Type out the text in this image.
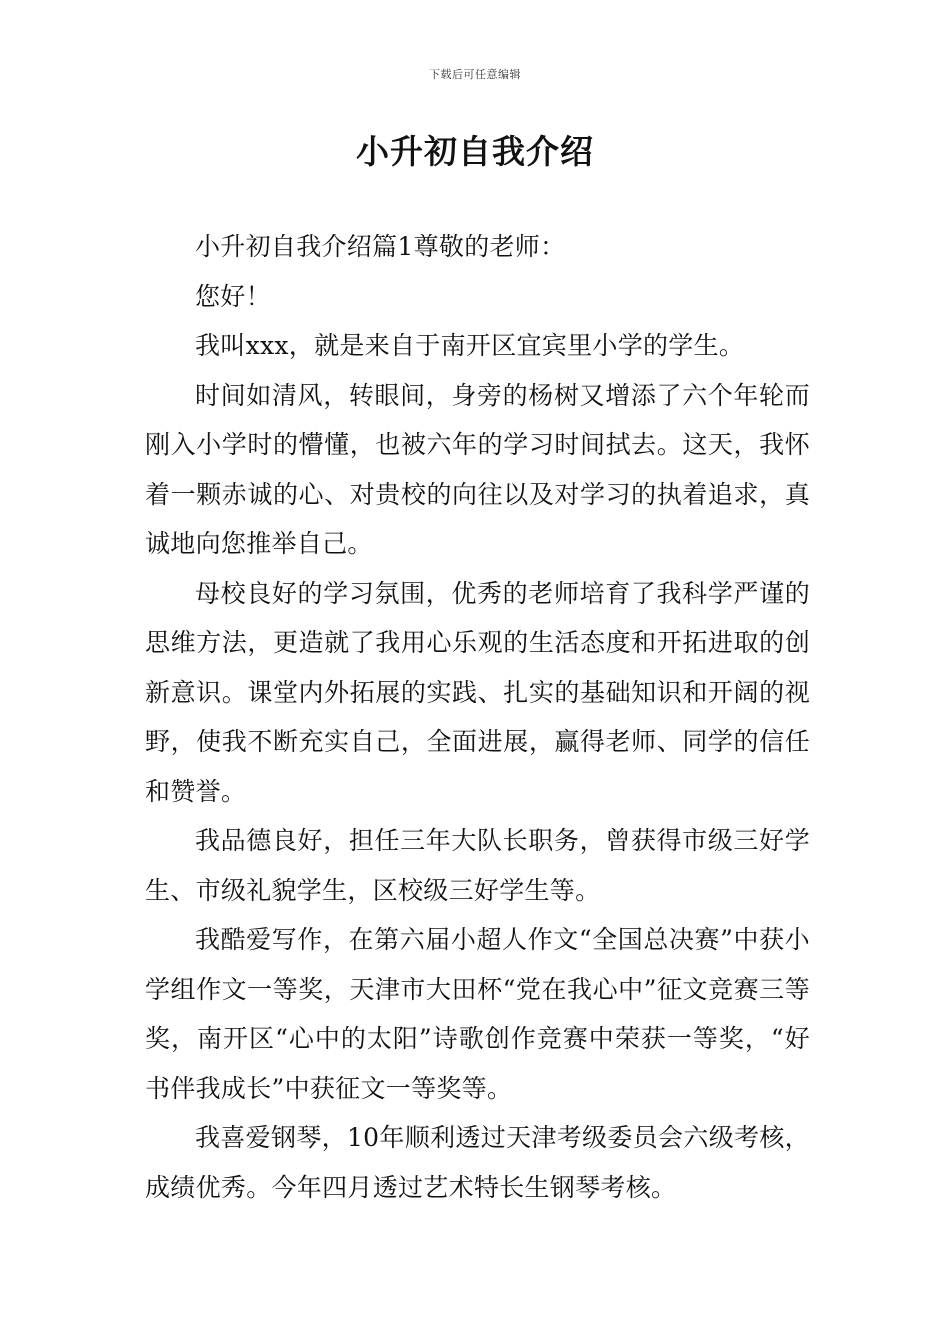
下载后可任意编辑
小升初自我介绍

小升初自我介绍篇1尊敬的老师：

您好！

我叫xxx，就是来自于南开区宜宾里小学的学生。

时间如清风，转眼间，身旁的杨树又增添了六个年轮而刚入小学时的懵懂，也被六年的学习时间拭去。这天，我怀着一颗赤诚的心、对贵校的向往以及对学习的执着追求，真诚地向您推举自己。

母校良好的学习氛围，优秀的老师培育了我科学严谨的思维方法，更造就了我用心乐观的生活态度和开拓进取的创新意识。课堂内外拓展的实践、扎实的基础知识和开阔的视野，使我不断充实自己，全面进展，赢得老师、同学的信任和赞誉。

我品德良好，担任三年大队长职务，曾获得市级三好学生、市级礼貌学生，区校级三好学生等。

我酷爱写作，在第六届小超人作文“全国总决赛”中获小学组作文一等奖，天津市大田杯“党在我心中”征文竞赛三等奖，南开区“心中的太阳”诗歌创作竞赛中荣获一等奖，“好书伴我成长”中获征文一等奖等。

我喜爱钢琴，10年顺利透过天津考级委员会六级考核，成绩优秀。今年四月透过艺术特长生钢琴考核。
